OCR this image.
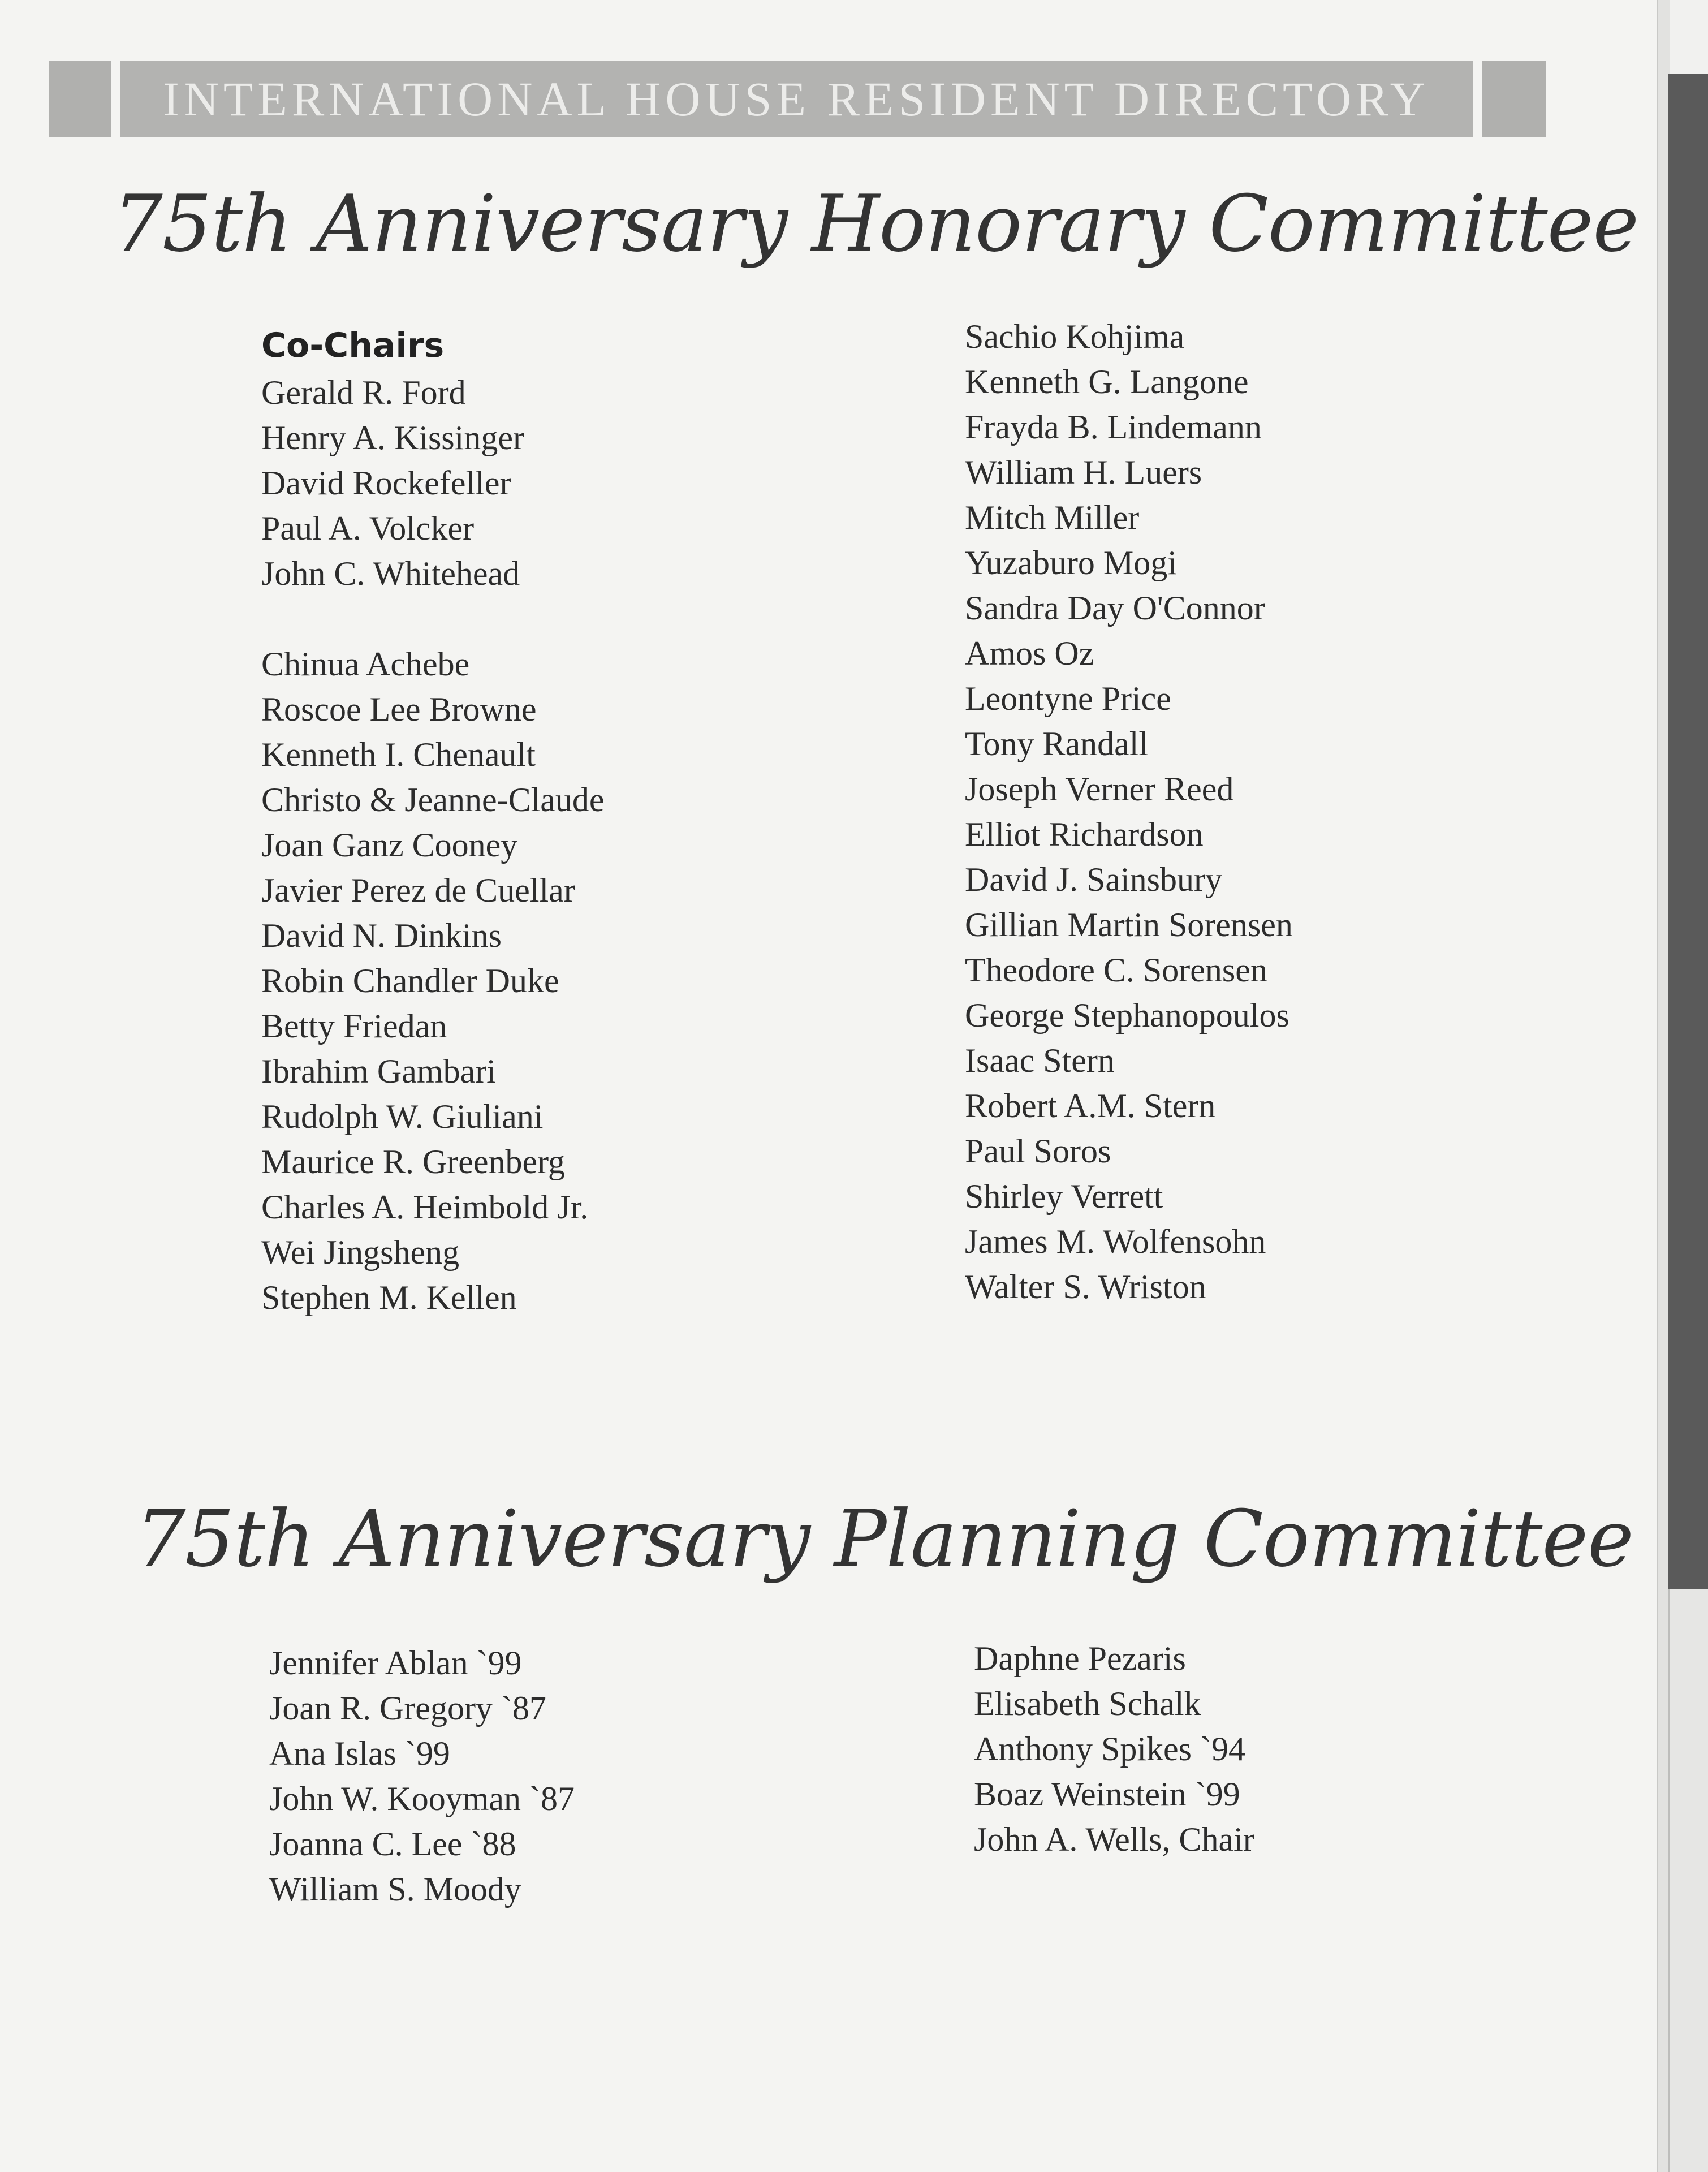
INTERNATIONAL HOUSE RESIDENT DIRECTORY
75th Anniversary Honorary Committee
Co-Chairs
Gerald R. Ford
Henry A. Kissinger
David Rockefeller
Paul A. Volcker
John C. Whitehead
Chinua Achebe
Roscoe Lee Browne
Kenneth I. Chenault
Christo & Jeanne-Claude
Joan Ganz Cooney
Javier Perez de Cuellar
David N. Dinkins
Robin Chandler Duke
Betty Friedan
Ibrahim Gambari
Rudolph W. Giuliani
Maurice R. Greenberg
Charles A. Heimbold Jr.
Wei Jingsheng
Stephen M. Kellen
Sachio Kohjima
Kenneth G. Langone
Frayda B. Lindemann
William H. Luers
Mitch Miller
Yuzaburo Mogi
Sandra Day O'Connor
Amos Oz
Leontyne Price
Tony Randall
Joseph Verner Reed
Elliot Richardson
David J. Sainsbury
Gillian Martin Sorensen
Theodore C. Sorensen
George Stephanopoulos
Isaac Stern
Robert A.M. Stern
Paul Soros
Shirley Verrett
James M. Wolfensohn
Walter S. Wriston
75th Anniversary Planning Committee
Jennifer Ablan `99
Joan R. Gregory `87
Ana Islas `99
John W. Kooyman `87
Joanna C. Lee `88
William S. Moody
Daphne Pezaris
Elisabeth Schalk
Anthony Spikes `94
Boaz Weinstein `99
John A. Wells, Chair
